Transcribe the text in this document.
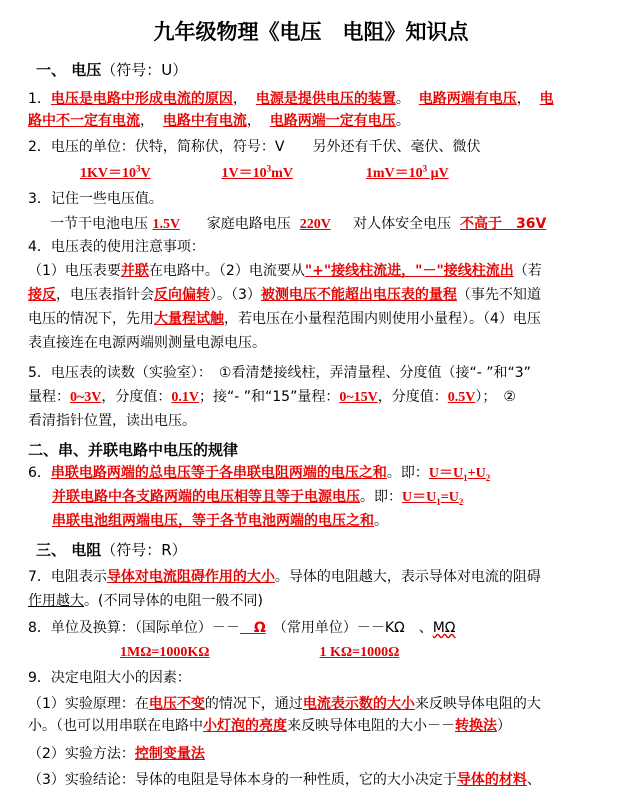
九年级物理《电压　电阻》知识点
一、 电压（符号：U）
1．电压是电路中形成电流的原因， 电源是提供电压的装置。 电路两端有电压， 电
路中不一定有电流， 电路中有电流， 电路两端一定有电压。
2．电压的单位：伏特，简称伏，符号：V　　另外还有千伏、毫伏、微伏
$1KV=10^3V$	$1V=10^3mV$	$1mV=10^3$ μV
3．记住一些电压值。
一节干电池电压 1.5V 家庭电路电压 220V 对人体安全电压 不高于　36V
4．电压表的使用注意事项：
（1）电压表要并联在电路中。（2）电流要从"+"接线柱流进，"－"接线柱流出（若
接反，电压表指针会反向偏转）。（3）被测电压不能超出电压表的量程（事先不知道
电压的情况下，先用大量程试触，若电压在小量程范围内则使用小量程）。（4）电压
表直接连在电源两端则测量电源电压。
5．电压表的读数（实验室）：　①看清楚接线柱，弄清量程、分度值（接“- ”和“3”
量程：0~3V，分度值：0.1V；接“- ”和“15”量程：0~15V，分度值：0.5V）；　②
看清指针位置，读出电压。
二、串、并联电路中电压的规律
6．串联电路两端的总电压等于各串联电阻两端的电压之和。即：$U=U_1+U_2$
并联电路中各支路两端的电压相等且等于电源电压。即：$U=U_1=U_2$
串联电池组两端电压，等于各节电池两端的电压之和。
三、 电阻（符号：R）
7．电阻表示导体对电流阻碍作用的大小。导体的电阻越大，表示导体对电流的阻碍
作用越大。(不同导体的电阻一般不同)
8．单位及换算：（国际单位）－－　Ω　（常用单位）－－KΩ　、MΩ
1MΩ=1000KΩ	1 KΩ=1000Ω
9．决定电阻大小的因素：
（1）实验原理：在电压不变的情况下，通过电流表示数的大小来反映导体电阻的大
小。（也可以用串联在电路中小灯泡的亮度来反映导体电阻的大小－－转换法）
（2）实验方法：控制变量法
（3）实验结论：导体的电阻是导体本身的一种性质，它的大小决定于导体的材料、
